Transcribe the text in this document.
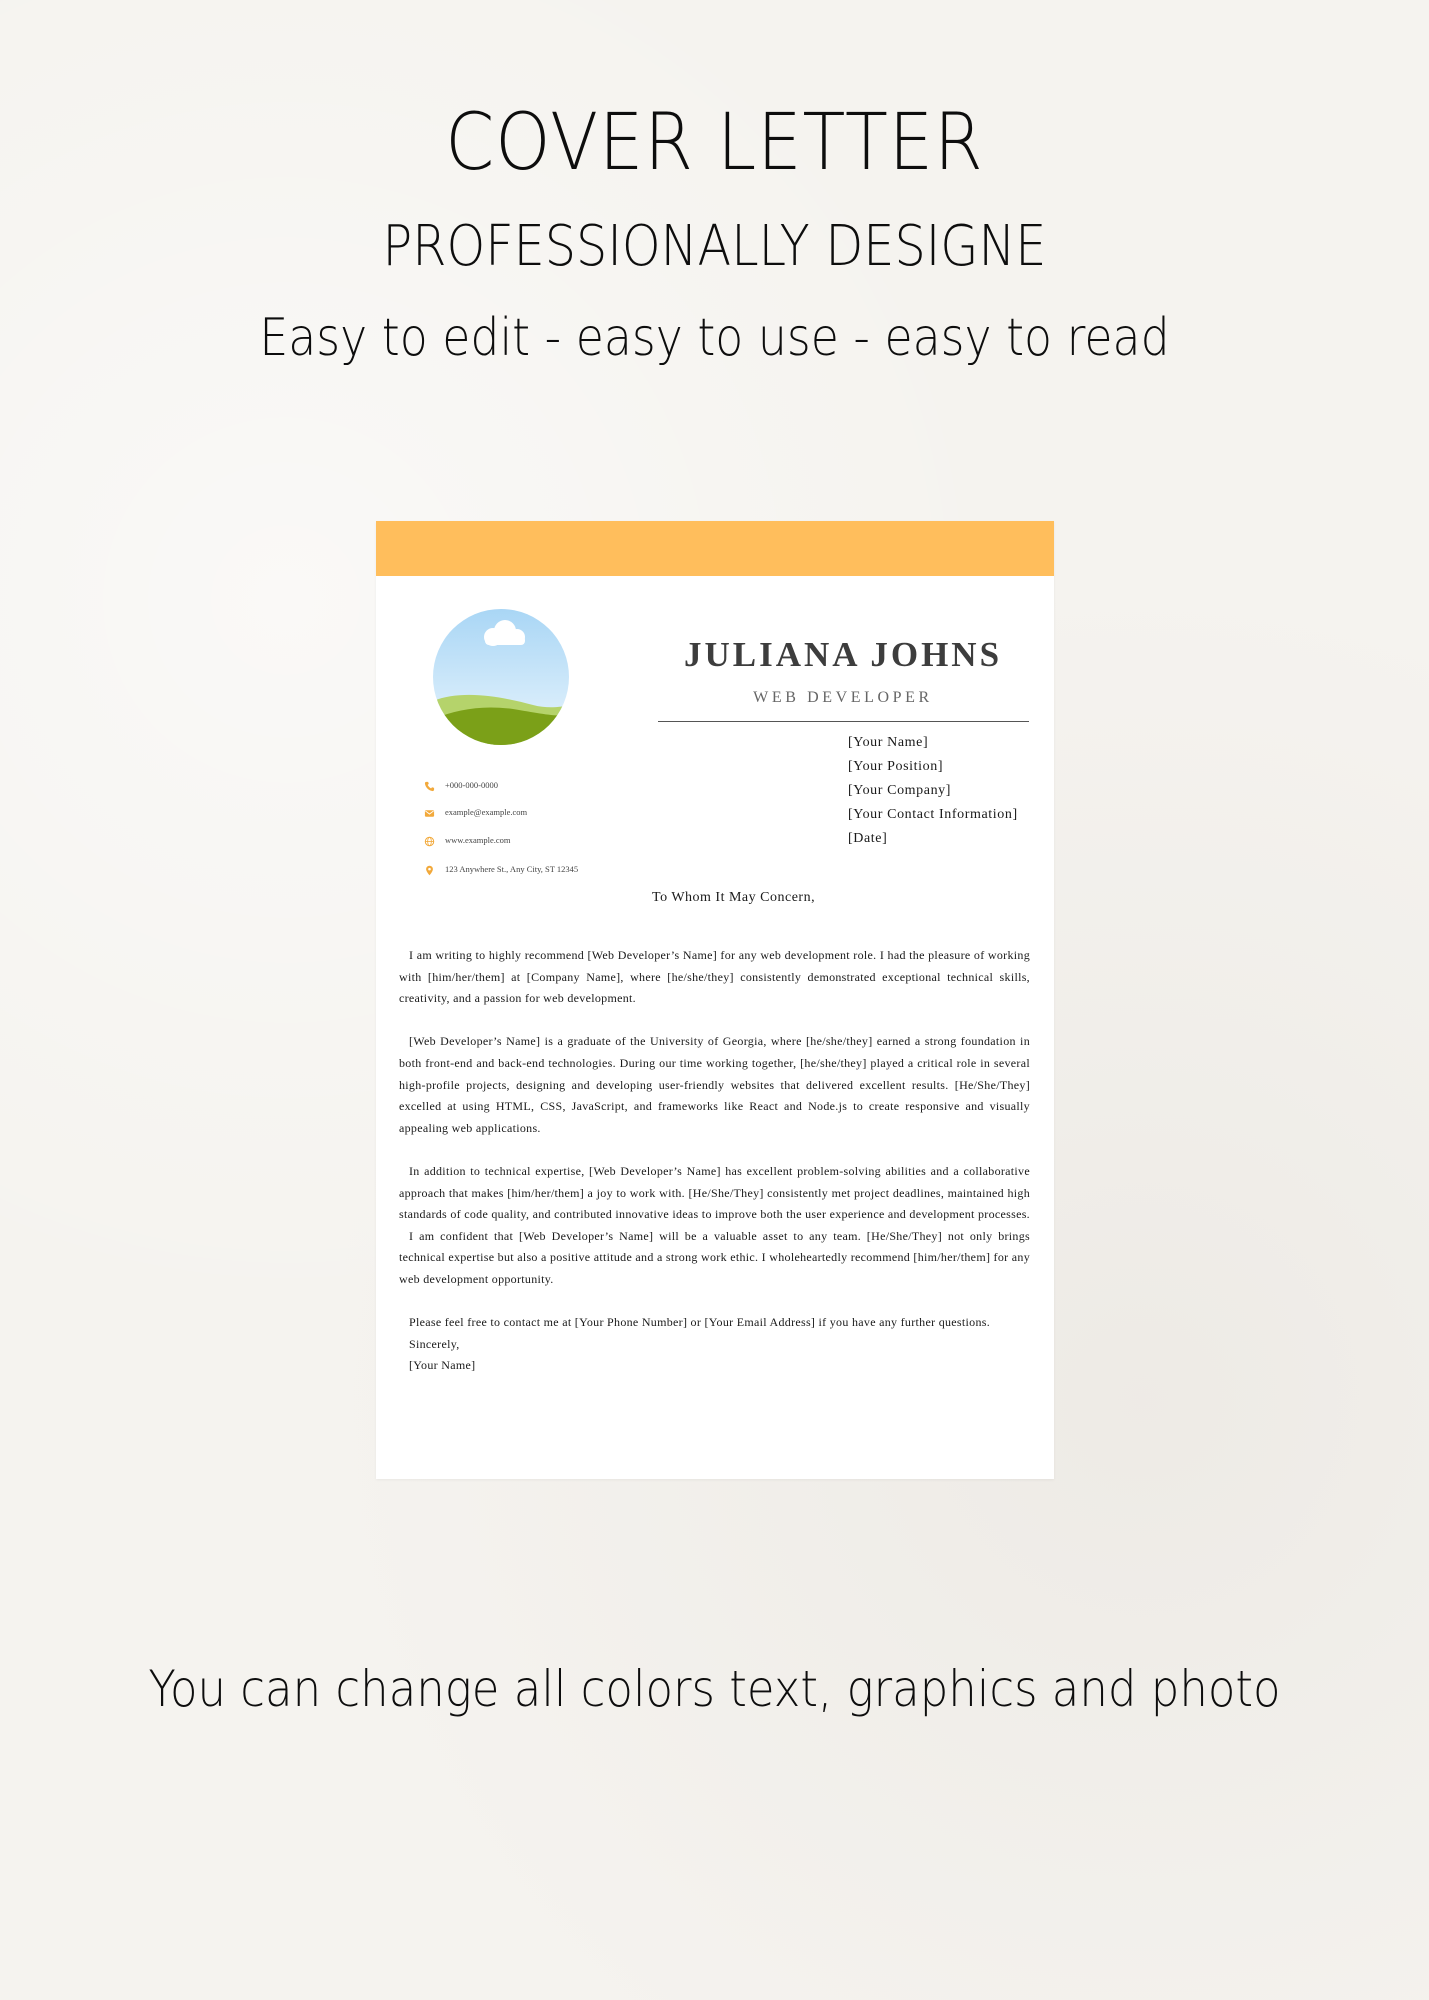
COVER LETTER
PROFESSIONALLY DESIGNE
Easy to edit - easy to use - easy to read
JULIANA JOHNS
WEB DEVELOPER
[Your Name]
[Your Position]
[Your Company]
[Your Contact Information]
[Date]
+000-000-0000
example@example.com
www.example.com
123 Anywhere St., Any City, ST 12345
To Whom It May Concern,

I am writing to highly recommend [Web Developer’s Name] for any web development role. I had the pleasure of working with [him/her/them] at [Company Name], where [he/she/they] consistently demonstrated exceptional technical skills, creativity, and a passion for web development.

[Web Developer’s Name] is a graduate of the University of Georgia, where [he/she/they] earned a strong foundation in both front-end and back-end technologies. During our time working together, [he/she/they] played a critical role in several high-profile projects, designing and developing user-friendly websites that delivered excellent results. [He/She/They] excelled at using HTML, CSS, JavaScript, and frameworks like React and Node.js to create responsive and visually appealing web applications.

In addition to technical expertise, [Web Developer’s Name] has excellent problem-solving abilities and a collaborative approach that makes [him/her/them] a joy to work with. [He/She/They] consistently met project deadlines, maintained high standards of code quality, and contributed innovative ideas to improve both the user experience and development processes.

I am confident that [Web Developer’s Name] will be a valuable asset to any team. [He/She/They] not only brings technical expertise but also a positive attitude and a strong work ethic. I wholeheartedly recommend [him/her/them] for any web development opportunity.

Please feel free to contact me at [Your Phone Number] or [Your Email Address] if you have any further questions.

Sincerely,

[Your Name]

You can change all colors text, graphics and photo
